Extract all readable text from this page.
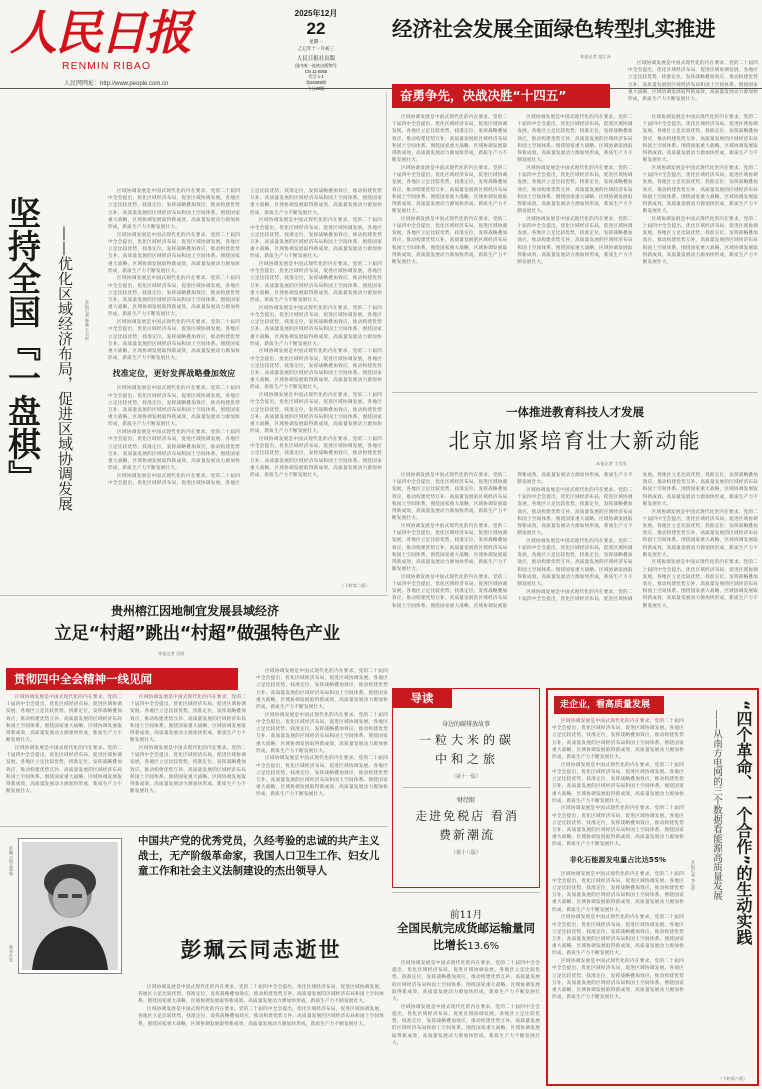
人民日报
RENMIN RIBAO
2025年12月
22
星期一
乙巳年十一月初三
人民日报社出版
国内统一连续出版物号
CN 11-0065
代号 1-1
第28289期
人民网网址：http://www.people.com.cn
经济社会发展全面绿色转型扎实推进
本报记者 寇江泽
奋勇争先，决战决胜“十四五”

区域协调发展是中国式现代化的内在要求。党的二十届四中全会提出，优化区域经济布局，促进区域协调发展。各地区立足比较优势，找准定位，发挥战略叠加效应，推动构建优势互补、高质量发展的区域经济布局和国土空间体系。围绕国家重大战略，区域协调发展取得新成效，高质量发展动力源加快形成，新质生产力不断发展壮大。

区域协调发展是中国式现代化的内在要求。党的二十届四中全会提出，优化区域经济布局，促进区域协调发展。各地区立足比较优势，找准定位，发挥战略叠加效应，推动构建优势互补、高质量发展的区域经济布局和国土空间体系。围绕国家重大战略，区域协调发展取得新成效，高质量发展动力源加快形成，新质生产力不断发展壮大。

区域协调发展是中国式现代化的内在要求。党的二十届四中全会提出，优化区域经济布局，促进区域协调发展。各地区立足比较优势，找准定位，发挥战略叠加效应，推动构建优势互补、高质量发展的区域经济布局和国土空间体系。围绕国家重大战略，区域协调发展取得新成效，高质量发展动力源加快形成，新质生产力不断发展壮大。

区域协调发展是中国式现代化的内在要求。党的二十届四中全会提出，优化区域经济布局，促进区域协调发展。各地区立足比较优势，找准定位，发挥战略叠加效应，推动构建优势互补、高质量发展的区域经济布局和国土空间体系。围绕国家重大战略，区域协调发展取得新成效，高质量发展动力源加快形成，新质生产力不断发展壮大。

区域协调发展是中国式现代化的内在要求。党的二十届四中全会提出，优化区域经济布局，促进区域协调发展。各地区立足比较优势，找准定位，发挥战略叠加效应，推动构建优势互补、高质量发展的区域经济布局和国土空间体系。围绕国家重大战略，区域协调发展取得新成效，高质量发展动力源加快形成，新质生产力不断发展壮大。

区域协调发展是中国式现代化的内在要求。党的二十届四中全会提出，优化区域经济布局，促进区域协调发展。各地区立足比较优势，找准定位，发挥战略叠加效应，推动构建优势互补、高质量发展的区域经济布局和国土空间体系。围绕国家重大战略，区域协调发展取得新成效，高质量发展动力源加快形成，新质生产力不断发展壮大。

区域协调发展是中国式现代化的内在要求。党的二十届四中全会提出，优化区域经济布局，促进区域协调发展。各地区立足比较优势，找准定位，发挥战略叠加效应，推动构建优势互补、高质量发展的区域经济布局和国土空间体系。围绕国家重大战略，区域协调发展取得新成效，高质量发展动力源加快形成，新质生产力不断发展壮大。

区域协调发展是中国式现代化的内在要求。党的二十届四中全会提出，优化区域经济布局，促进区域协调发展。各地区立足比较优势，找准定位，发挥战略叠加效应，推动构建优势互补、高质量发展的区域经济布局和国土空间体系。围绕国家重大战略，区域协调发展取得新成效，高质量发展动力源加快形成，新质生产力不断发展壮大。

区域协调发展是中国式现代化的内在要求。党的二十届四中全会提出，优化区域经济布局，促进区域协调发展。各地区立足比较优势，找准定位，发挥战略叠加效应，推动构建优势互补、高质量发展的区域经济布局和国土空间体系。围绕国家重大战略，区域协调发展取得新成效，高质量发展动力源加快形成，新质生产力不断发展壮大。

区域协调发展是中国式现代化的内在要求。党的二十届四中全会提出，优化区域经济布局，促进区域协调发展。各地区立足比较优势，找准定位，发挥战略叠加效应，推动构建优势互补、高质量发展的区域经济布局和国土空间体系。围绕国家重大战略，区域协调发展取得新成效，高质量发展动力源加快形成，新质生产力不断发展壮大。

坚持全国『一盘棋』 ——优化区域经济布局，促进区域协调发展	本报记者 韩鑫 王云杉

区域协调发展是中国式现代化的内在要求。党的二十届四中全会提出，优化区域经济布局，促进区域协调发展。各地区立足比较优势，找准定位，发挥战略叠加效应，推动构建优势互补、高质量发展的区域经济布局和国土空间体系。围绕国家重大战略，区域协调发展取得新成效，高质量发展动力源加快形成，新质生产力不断发展壮大。

区域协调发展是中国式现代化的内在要求。党的二十届四中全会提出，优化区域经济布局，促进区域协调发展。各地区立足比较优势，找准定位，发挥战略叠加效应，推动构建优势互补、高质量发展的区域经济布局和国土空间体系。围绕国家重大战略，区域协调发展取得新成效，高质量发展动力源加快形成，新质生产力不断发展壮大。

区域协调发展是中国式现代化的内在要求。党的二十届四中全会提出，优化区域经济布局，促进区域协调发展。各地区立足比较优势，找准定位，发挥战略叠加效应，推动构建优势互补、高质量发展的区域经济布局和国土空间体系。围绕国家重大战略，区域协调发展取得新成效，高质量发展动力源加快形成，新质生产力不断发展壮大。

区域协调发展是中国式现代化的内在要求。党的二十届四中全会提出，优化区域经济布局，促进区域协调发展。各地区立足比较优势，找准定位，发挥战略叠加效应，推动构建优势互补、高质量发展的区域经济布局和国土空间体系。围绕国家重大战略，区域协调发展取得新成效，高质量发展动力源加快形成，新质生产力不断发展壮大。

找准定位，更好发挥战略叠加效应

区域协调发展是中国式现代化的内在要求。党的二十届四中全会提出，优化区域经济布局，促进区域协调发展。各地区立足比较优势，找准定位，发挥战略叠加效应，推动构建优势互补、高质量发展的区域经济布局和国土空间体系。围绕国家重大战略，区域协调发展取得新成效，高质量发展动力源加快形成，新质生产力不断发展壮大。

区域协调发展是中国式现代化的内在要求。党的二十届四中全会提出，优化区域经济布局，促进区域协调发展。各地区立足比较优势，找准定位，发挥战略叠加效应，推动构建优势互补、高质量发展的区域经济布局和国土空间体系。围绕国家重大战略，区域协调发展取得新成效，高质量发展动力源加快形成，新质生产力不断发展壮大。

区域协调发展是中国式现代化的内在要求。党的二十届四中全会提出，优化区域经济布局，促进区域协调发展。各地区立足比较优势，找准定位，发挥战略叠加效应，推动构建优势互补、高质量发展的区域经济布局和国土空间体系。围绕国家重大战略，区域协调发展取得新成效，高质量发展动力源加快形成，新质生产力不断发展壮大。

区域协调发展是中国式现代化的内在要求。党的二十届四中全会提出，优化区域经济布局，促进区域协调发展。各地区立足比较优势，找准定位，发挥战略叠加效应，推动构建优势互补、高质量发展的区域经济布局和国土空间体系。围绕国家重大战略，区域协调发展取得新成效，高质量发展动力源加快形成，新质生产力不断发展壮大。

区域协调发展是中国式现代化的内在要求。党的二十届四中全会提出，优化区域经济布局，促进区域协调发展。各地区立足比较优势，找准定位，发挥战略叠加效应，推动构建优势互补、高质量发展的区域经济布局和国土空间体系。围绕国家重大战略，区域协调发展取得新成效，高质量发展动力源加快形成，新质生产力不断发展壮大。

区域协调发展是中国式现代化的内在要求。党的二十届四中全会提出，优化区域经济布局，促进区域协调发展。各地区立足比较优势，找准定位，发挥战略叠加效应，推动构建优势互补、高质量发展的区域经济布局和国土空间体系。围绕国家重大战略，区域协调发展取得新成效，高质量发展动力源加快形成，新质生产力不断发展壮大。

区域协调发展是中国式现代化的内在要求。党的二十届四中全会提出，优化区域经济布局，促进区域协调发展。各地区立足比较优势，找准定位，发挥战略叠加效应，推动构建优势互补、高质量发展的区域经济布局和国土空间体系。围绕国家重大战略，区域协调发展取得新成效，高质量发展动力源加快形成，新质生产力不断发展壮大。

区域协调发展是中国式现代化的内在要求。党的二十届四中全会提出，优化区域经济布局，促进区域协调发展。各地区立足比较优势，找准定位，发挥战略叠加效应，推动构建优势互补、高质量发展的区域经济布局和国土空间体系。围绕国家重大战略，区域协调发展取得新成效，高质量发展动力源加快形成，新质生产力不断发展壮大。

区域协调发展是中国式现代化的内在要求。党的二十届四中全会提出，优化区域经济布局，促进区域协调发展。各地区立足比较优势，找准定位，发挥战略叠加效应，推动构建优势互补、高质量发展的区域经济布局和国土空间体系。围绕国家重大战略，区域协调发展取得新成效，高质量发展动力源加快形成，新质生产力不断发展壮大。

（下转第二版）
一体推进教育科技人才发展
北京加紧培育壮大新动能
本报记者 王昊男

区域协调发展是中国式现代化的内在要求。党的二十届四中全会提出，优化区域经济布局，促进区域协调发展。各地区立足比较优势，找准定位，发挥战略叠加效应，推动构建优势互补、高质量发展的区域经济布局和国土空间体系。围绕国家重大战略，区域协调发展取得新成效，高质量发展动力源加快形成，新质生产力不断发展壮大。

区域协调发展是中国式现代化的内在要求。党的二十届四中全会提出，优化区域经济布局，促进区域协调发展。各地区立足比较优势，找准定位，发挥战略叠加效应，推动构建优势互补、高质量发展的区域经济布局和国土空间体系。围绕国家重大战略，区域协调发展取得新成效，高质量发展动力源加快形成，新质生产力不断发展壮大。

区域协调发展是中国式现代化的内在要求。党的二十届四中全会提出，优化区域经济布局，促进区域协调发展。各地区立足比较优势，找准定位，发挥战略叠加效应，推动构建优势互补、高质量发展的区域经济布局和国土空间体系。围绕国家重大战略，区域协调发展取得新成效，高质量发展动力源加快形成，新质生产力不断发展壮大。

区域协调发展是中国式现代化的内在要求。党的二十届四中全会提出，优化区域经济布局，促进区域协调发展。各地区立足比较优势，找准定位，发挥战略叠加效应，推动构建优势互补、高质量发展的区域经济布局和国土空间体系。围绕国家重大战略，区域协调发展取得新成效，高质量发展动力源加快形成，新质生产力不断发展壮大。

区域协调发展是中国式现代化的内在要求。党的二十届四中全会提出，优化区域经济布局，促进区域协调发展。各地区立足比较优势，找准定位，发挥战略叠加效应，推动构建优势互补、高质量发展的区域经济布局和国土空间体系。围绕国家重大战略，区域协调发展取得新成效，高质量发展动力源加快形成，新质生产力不断发展壮大。

区域协调发展是中国式现代化的内在要求。党的二十届四中全会提出，优化区域经济布局，促进区域协调发展。各地区立足比较优势，找准定位，发挥战略叠加效应，推动构建优势互补、高质量发展的区域经济布局和国土空间体系。围绕国家重大战略，区域协调发展取得新成效，高质量发展动力源加快形成，新质生产力不断发展壮大。

区域协调发展是中国式现代化的内在要求。党的二十届四中全会提出，优化区域经济布局，促进区域协调发展。各地区立足比较优势，找准定位，发挥战略叠加效应，推动构建优势互补、高质量发展的区域经济布局和国土空间体系。围绕国家重大战略，区域协调发展取得新成效，高质量发展动力源加快形成，新质生产力不断发展壮大。

区域协调发展是中国式现代化的内在要求。党的二十届四中全会提出，优化区域经济布局，促进区域协调发展。各地区立足比较优势，找准定位，发挥战略叠加效应，推动构建优势互补、高质量发展的区域经济布局和国土空间体系。围绕国家重大战略，区域协调发展取得新成效，高质量发展动力源加快形成，新质生产力不断发展壮大。

贵州榕江因地制宜发展县域经济
立足“村超”跳出“村超”做强特色产业
本报记者 苏滨
贯彻四中全会精神一线见闻

区域协调发展是中国式现代化的内在要求。党的二十届四中全会提出，优化区域经济布局，促进区域协调发展。各地区立足比较优势，找准定位，发挥战略叠加效应，推动构建优势互补、高质量发展的区域经济布局和国土空间体系。围绕国家重大战略，区域协调发展取得新成效，高质量发展动力源加快形成，新质生产力不断发展壮大。

区域协调发展是中国式现代化的内在要求。党的二十届四中全会提出，优化区域经济布局，促进区域协调发展。各地区立足比较优势，找准定位，发挥战略叠加效应，推动构建优势互补、高质量发展的区域经济布局和国土空间体系。围绕国家重大战略，区域协调发展取得新成效，高质量发展动力源加快形成，新质生产力不断发展壮大。

区域协调发展是中国式现代化的内在要求。党的二十届四中全会提出，优化区域经济布局，促进区域协调发展。各地区立足比较优势，找准定位，发挥战略叠加效应，推动构建优势互补、高质量发展的区域经济布局和国土空间体系。围绕国家重大战略，区域协调发展取得新成效，高质量发展动力源加快形成，新质生产力不断发展壮大。

区域协调发展是中国式现代化的内在要求。党的二十届四中全会提出，优化区域经济布局，促进区域协调发展。各地区立足比较优势，找准定位，发挥战略叠加效应，推动构建优势互补、高质量发展的区域经济布局和国土空间体系。围绕国家重大战略，区域协调发展取得新成效，高质量发展动力源加快形成，新质生产力不断发展壮大。

区域协调发展是中国式现代化的内在要求。党的二十届四中全会提出，优化区域经济布局，促进区域协调发展。各地区立足比较优势，找准定位，发挥战略叠加效应，推动构建优势互补、高质量发展的区域经济布局和国土空间体系。围绕国家重大战略，区域协调发展取得新成效，高质量发展动力源加快形成，新质生产力不断发展壮大。

区域协调发展是中国式现代化的内在要求。党的二十届四中全会提出，优化区域经济布局，促进区域协调发展。各地区立足比较优势，找准定位，发挥战略叠加效应，推动构建优势互补、高质量发展的区域经济布局和国土空间体系。围绕国家重大战略，区域协调发展取得新成效，高质量发展动力源加快形成，新质生产力不断发展壮大。

区域协调发展是中国式现代化的内在要求。党的二十届四中全会提出，优化区域经济布局，促进区域协调发展。各地区立足比较优势，找准定位，发挥战略叠加效应，推动构建优势互补、高质量发展的区域经济布局和国土空间体系。围绕国家重大战略，区域协调发展取得新成效，高质量发展动力源加快形成，新质生产力不断发展壮大。

导读
身边的碳排放故事
一粒大米的碳中和之旅
（第十一版）
财经眼
走进免税店 看消费新潮流
（第十八版）
前11月
全国民航完成货邮运输量同比增长13.6%

区域协调发展是中国式现代化的内在要求。党的二十届四中全会提出，优化区域经济布局，促进区域协调发展。各地区立足比较优势，找准定位，发挥战略叠加效应，推动构建优势互补、高质量发展的区域经济布局和国土空间体系。围绕国家重大战略，区域协调发展取得新成效，高质量发展动力源加快形成，新质生产力不断发展壮大。

区域协调发展是中国式现代化的内在要求。党的二十届四中全会提出，优化区域经济布局，促进区域协调发展。各地区立足比较优势，找准定位，发挥战略叠加效应，推动构建优势互补、高质量发展的区域经济布局和国土空间体系。围绕国家重大战略，区域协调发展取得新成效，高质量发展动力源加快形成，新质生产力不断发展壮大。

彭珮云同志遗像
新华社发
中国共产党的优秀党员，久经考验的忠诚的共产主义战士，无产阶级革命家，我国人口卫生工作、妇女儿童工作和社会主义法制建设的杰出领导人
彭珮云同志逝世

区域协调发展是中国式现代化的内在要求。党的二十届四中全会提出，优化区域经济布局，促进区域协调发展。各地区立足比较优势，找准定位，发挥战略叠加效应，推动构建优势互补、高质量发展的区域经济布局和国土空间体系。围绕国家重大战略，区域协调发展取得新成效，高质量发展动力源加快形成，新质生产力不断发展壮大。

区域协调发展是中国式现代化的内在要求。党的二十届四中全会提出，优化区域经济布局，促进区域协调发展。各地区立足比较优势，找准定位，发挥战略叠加效应，推动构建优势互补、高质量发展的区域经济布局和国土空间体系。围绕国家重大战略，区域协调发展取得新成效，高质量发展动力源加快形成，新质生产力不断发展壮大。

走企业，看高质量发展	“四个革命、一个合作”的生动实践
——从南方电网的三个数据看能源高质量发展
本报记者 李心萍

区域协调发展是中国式现代化的内在要求。党的二十届四中全会提出，优化区域经济布局，促进区域协调发展。各地区立足比较优势，找准定位，发挥战略叠加效应，推动构建优势互补、高质量发展的区域经济布局和国土空间体系。围绕国家重大战略，区域协调发展取得新成效，高质量发展动力源加快形成，新质生产力不断发展壮大。

区域协调发展是中国式现代化的内在要求。党的二十届四中全会提出，优化区域经济布局，促进区域协调发展。各地区立足比较优势，找准定位，发挥战略叠加效应，推动构建优势互补、高质量发展的区域经济布局和国土空间体系。围绕国家重大战略，区域协调发展取得新成效，高质量发展动力源加快形成，新质生产力不断发展壮大。

区域协调发展是中国式现代化的内在要求。党的二十届四中全会提出，优化区域经济布局，促进区域协调发展。各地区立足比较优势，找准定位，发挥战略叠加效应，推动构建优势互补、高质量发展的区域经济布局和国土空间体系。围绕国家重大战略，区域协调发展取得新成效，高质量发展动力源加快形成，新质生产力不断发展壮大。

非化石能源发电量占比达55%

区域协调发展是中国式现代化的内在要求。党的二十届四中全会提出，优化区域经济布局，促进区域协调发展。各地区立足比较优势，找准定位，发挥战略叠加效应，推动构建优势互补、高质量发展的区域经济布局和国土空间体系。围绕国家重大战略，区域协调发展取得新成效，高质量发展动力源加快形成，新质生产力不断发展壮大。

区域协调发展是中国式现代化的内在要求。党的二十届四中全会提出，优化区域经济布局，促进区域协调发展。各地区立足比较优势，找准定位，发挥战略叠加效应，推动构建优势互补、高质量发展的区域经济布局和国土空间体系。围绕国家重大战略，区域协调发展取得新成效，高质量发展动力源加快形成，新质生产力不断发展壮大。

区域协调发展是中国式现代化的内在要求。党的二十届四中全会提出，优化区域经济布局，促进区域协调发展。各地区立足比较优势，找准定位，发挥战略叠加效应，推动构建优势互补、高质量发展的区域经济布局和国土空间体系。围绕国家重大战略，区域协调发展取得新成效，高质量发展动力源加快形成，新质生产力不断发展壮大。

（下转第六版）
